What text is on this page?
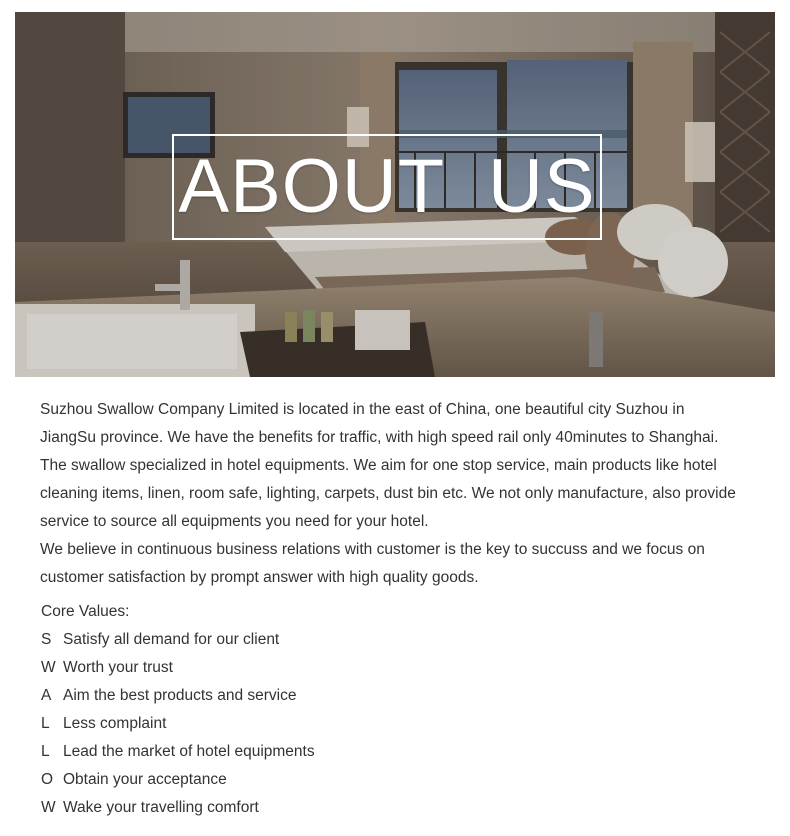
ABOUT  US

Suzhou Swallow Company Limited is located in the east of China, one beautiful city Suzhou in JiangSu province. We have the benefits for traffic, with high speed rail only 40minutes to Shanghai. The swallow specialized in hotel equipments. We aim for one stop service, main products like hotel cleaning items, linen, room safe, lighting, carpets, dust bin etc. We not only manufacture, also provide service to source all equipments you need for your hotel.

We believe in continuous business relations with customer is the key to succuss and we focus on customer satisfaction by prompt answer with high quality goods.

Core Values:

S Satisfy all demand for our client

W Worth your trust

A Aim the best products and service

L Less complaint

L Lead the market of hotel equipments

O Obtain your acceptance

W Wake your travelling comfort
